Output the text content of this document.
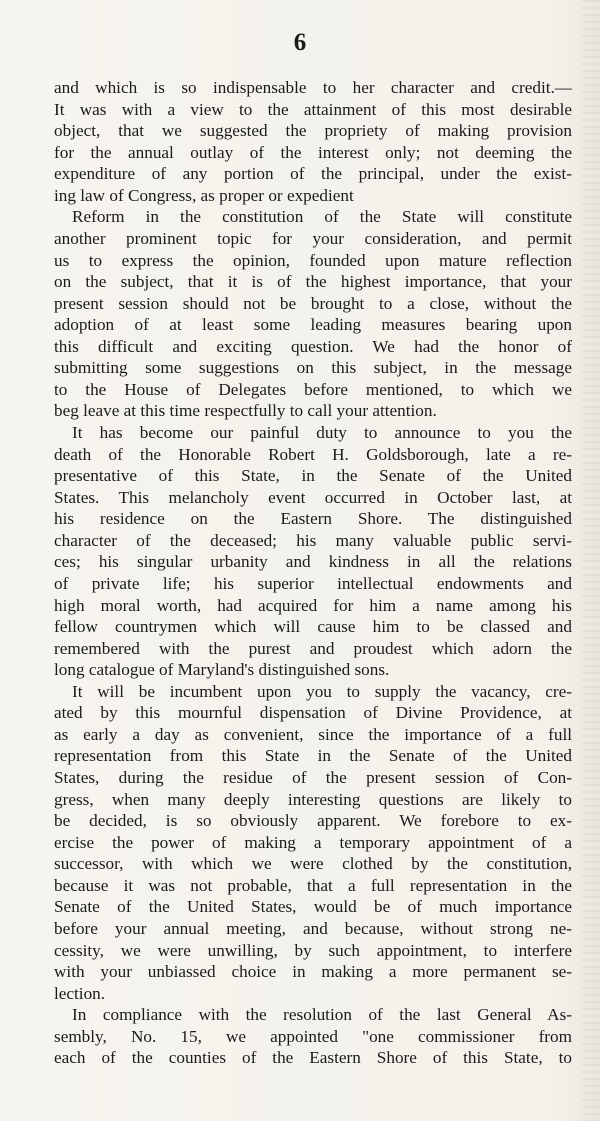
6
and which is so indispensable to her character and credit.—
It was with a view to the attainment of this most desirable
object, that we suggested the propriety of making provision
for the annual outlay of the interest only; not deeming the
expenditure of any portion of the principal, under the exist-
ing law of Congress, as proper or expedient
Reform in the constitution of the State will constitute
another prominent topic for your consideration, and permit
us to express the opinion, founded upon mature reflection
on the subject, that it is of the highest importance, that your
present session should not be brought to a close, without the
adoption of at least some leading measures bearing upon
this difficult and exciting question. We had the honor of
submitting some suggestions on this subject, in the message
to the House of Delegates before mentioned, to which we
beg leave at this time respectfully to call your attention.
It has become our painful duty to announce to you the
death of the Honorable Robert H. Goldsborough, late a re-
presentative of this State, in the Senate of the United
States. This melancholy event occurred in October last, at
his residence on the Eastern Shore. The distinguished
character of the deceased; his many valuable public servi-
ces; his singular urbanity and kindness in all the relations
of private life; his superior intellectual endowments and
high moral worth, had acquired for him a name among his
fellow countrymen which will cause him to be classed and
remembered with the purest and proudest which adorn the
long catalogue of Maryland's distinguished sons.
It will be incumbent upon you to supply the vacancy, cre-
ated by this mournful dispensation of Divine Providence, at
as early a day as convenient, since the importance of a full
representation from this State in the Senate of the United
States, during the residue of the present session of Con-
gress, when many deeply interesting questions are likely to
be decided, is so obviously apparent. We forebore to ex-
ercise the power of making a temporary appointment of a
successor, with which we were clothed by the constitution,
because it was not probable, that a full representation in the
Senate of the United States, would be of much importance
before your annual meeting, and because, without strong ne-
cessity, we were unwilling, by such appointment, to interfere
with your unbiassed choice in making a more permanent se-
lection.
In compliance with the resolution of the last General As-
sembly, No. 15, we appointed "one commissioner from
each of the counties of the Eastern Shore of this State, to
